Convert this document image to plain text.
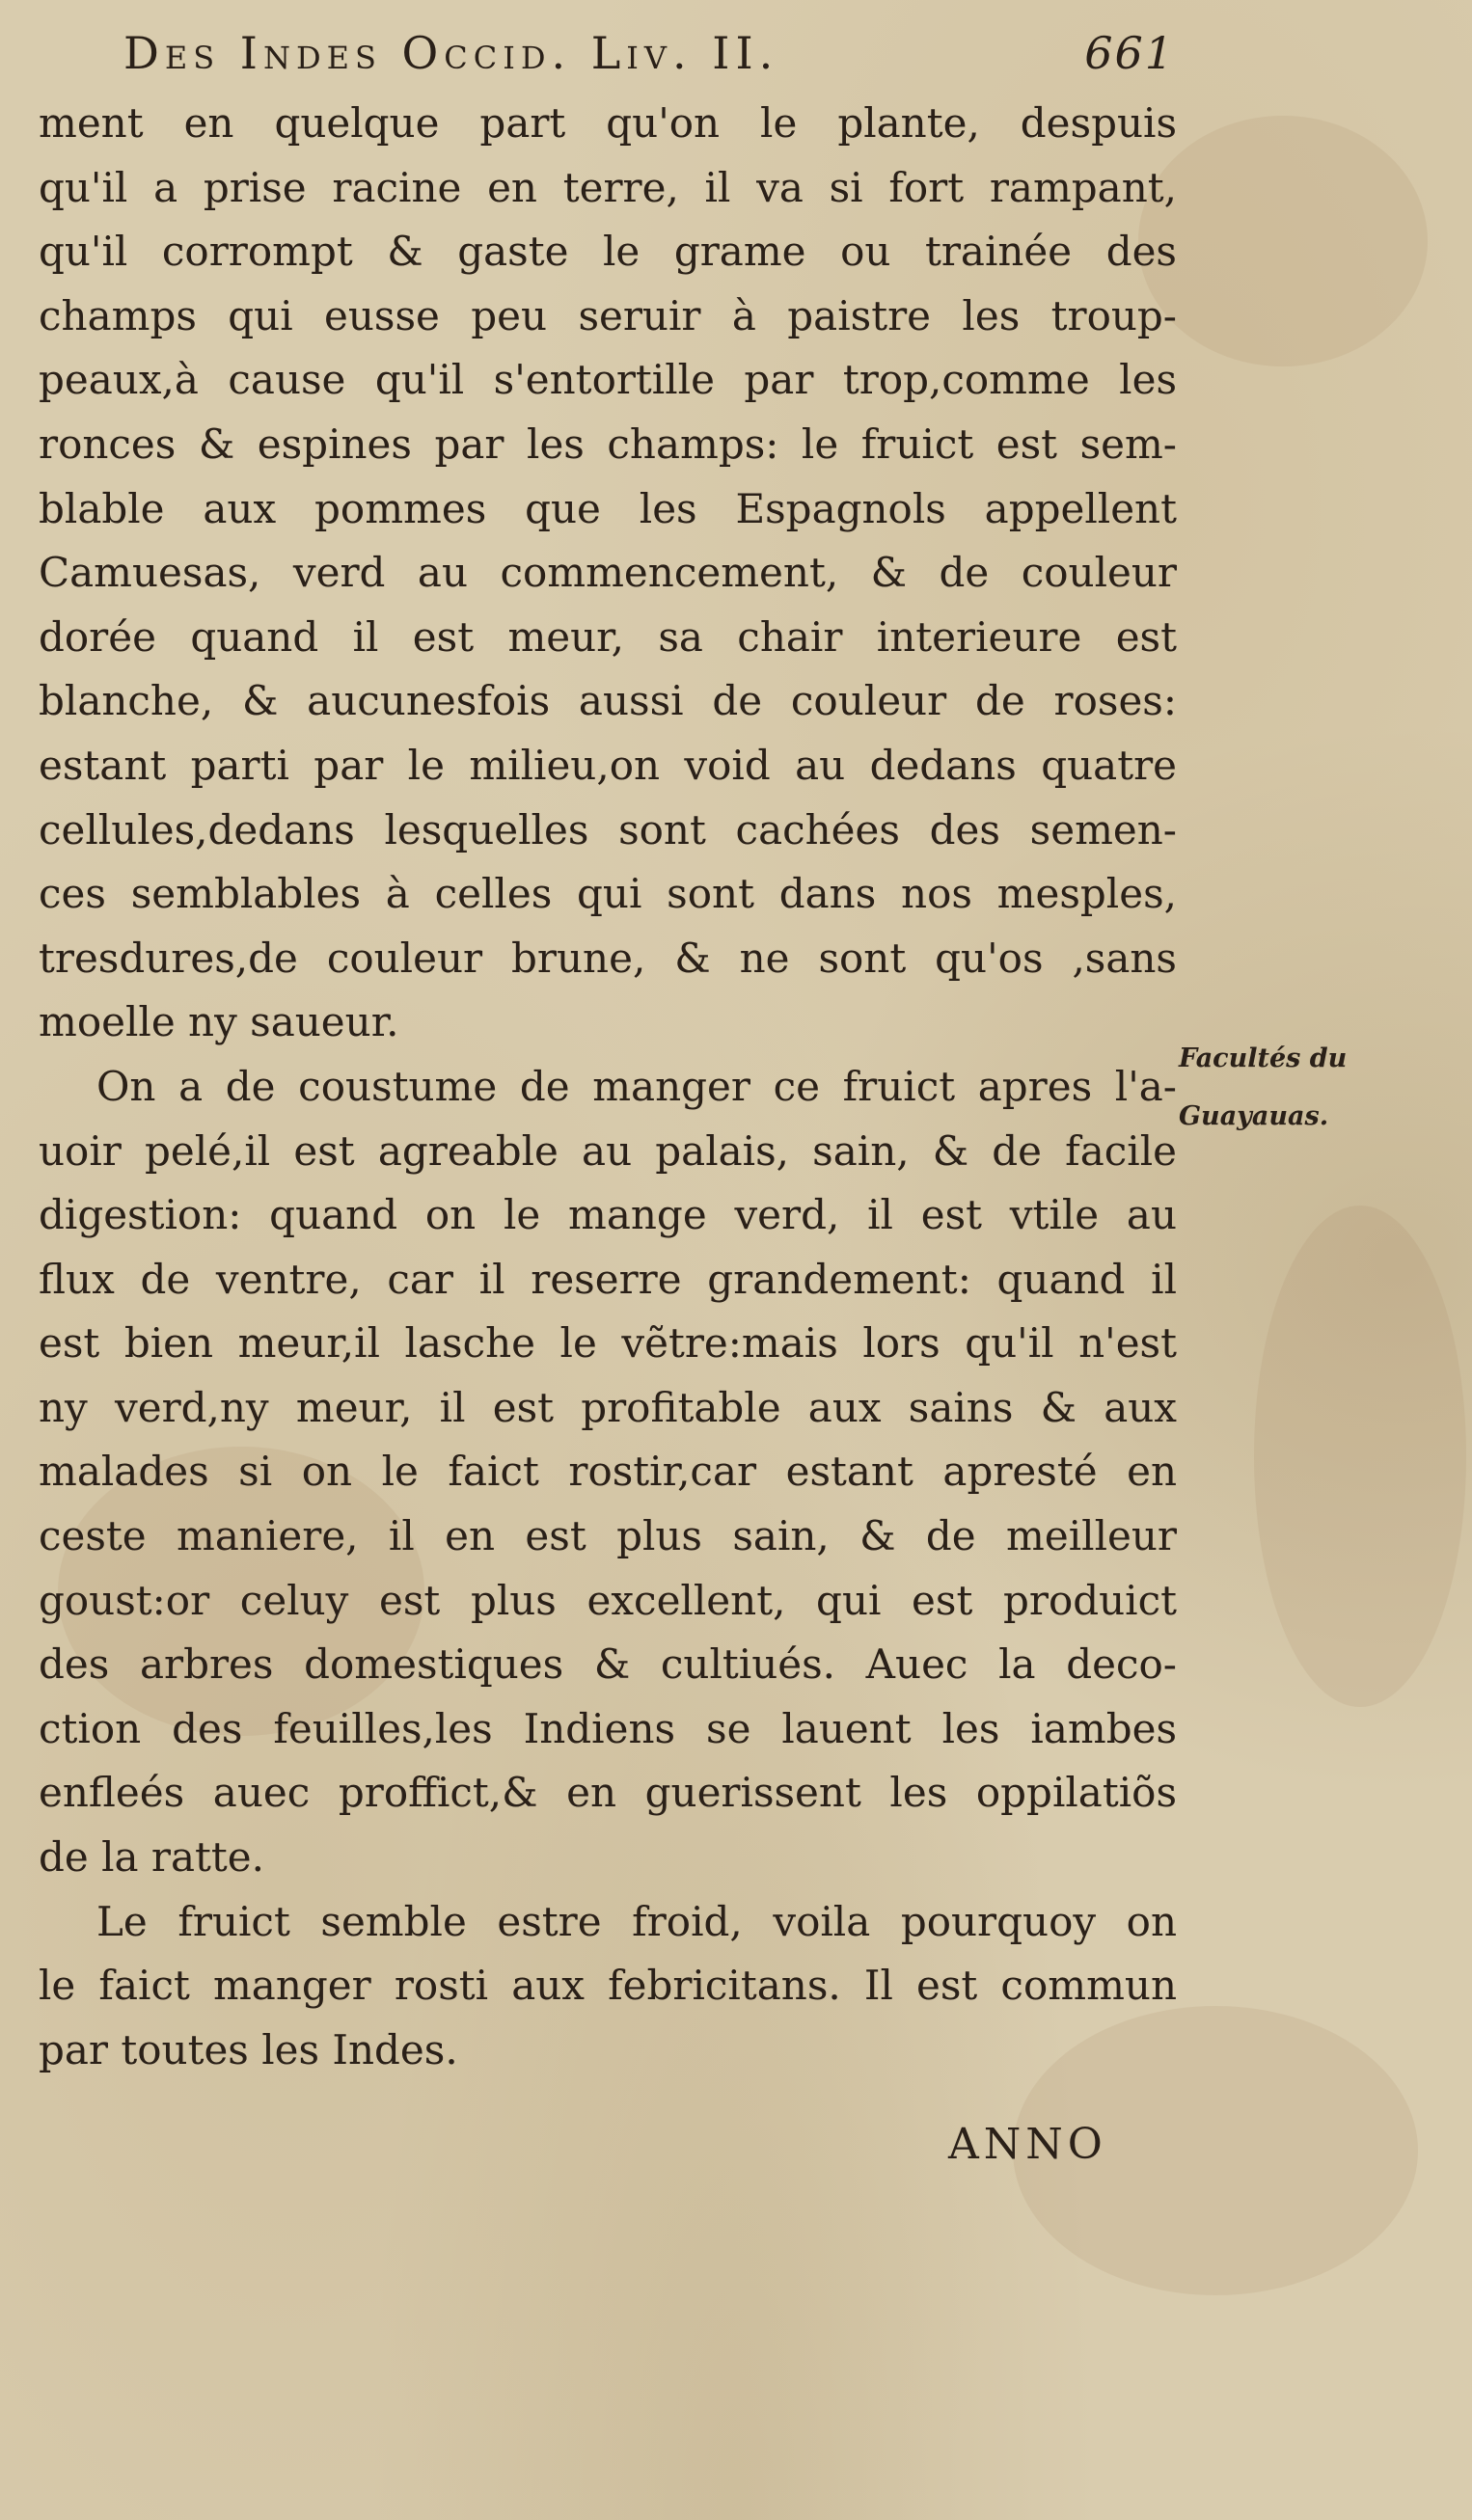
Des Indes Occid. Liv. II.	661
ment en quelque part qu'on le plante, despuis
qu'il a prise racine en terre, il va si fort rampant,
qu'il corrompt & gaste le grame ou trainée des
champs qui eusse peu seruir à paistre les troup-
peaux,à cause qu'il s'entortille par trop,comme les
ronces & espines par les champs: le fruict est sem-
blable aux pommes que les Espagnols appellent
Camuesas, verd au commencement, & de couleur
dorée quand il est meur, sa chair interieure est
blanche, & aucunesfois aussi de couleur de roses:
estant parti par le milieu,on void au dedans quatre
cellules,dedans lesquelles sont cachées des semen-
ces semblables à celles qui sont dans nos mesples,
tresdures,de couleur brune, & ne sont qu'os ,sans
moelle ny saueur.
On a de coustume de manger ce fruict apres l'a-
uoir pelé,il est agreable au palais, sain, & de facile
digestion: quand on le mange verd, il est vtile au
flux de ventre, car il reserre grandement: quand il
est bien meur,il lasche le vẽtre:mais lors qu'il n'est
ny verd,ny meur, il est profitable aux sains & aux
malades si on le faict rostir,car estant apresté en
ceste maniere, il en est plus sain, & de meilleur
goust:or celuy est plus excellent, qui est produict
des arbres domestiques & cultiués. Auec la deco-
ction des feuilles,les Indiens se lauent les iambes
enfleés auec proffict,& en guerissent les oppilatiõs
de la ratte.
Le fruict semble estre froid, voila pourquoy on
le faict manger rosti aux febricitans. Il est commun
par toutes les Indes.
Facultés du
Guayauas.
ANNO
